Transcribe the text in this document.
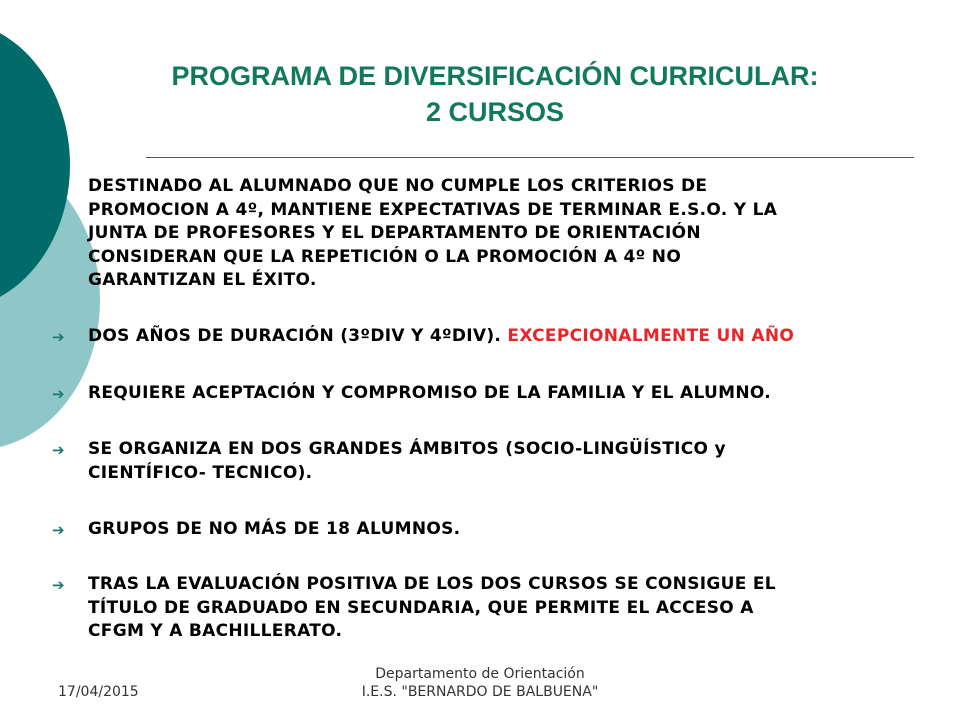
PROGRAMA DE DIVERSIFICACIÓN CURRICULAR:
2 CURSOS
DESTINADO AL ALUMNADO QUE NO CUMPLE LOS CRITERIOS DE
PROMOCION A 4º, MANTIENE EXPECTATIVAS DE TERMINAR E.S.O. Y LA
JUNTA DE PROFESORES Y EL DEPARTAMENTO DE ORIENTACIÓN
CONSIDERAN QUE LA REPETICIÓN O LA PROMOCIÓN A 4º NO
GARANTIZAN EL ÉXITO.
➔ DOS AÑOS DE DURACIÓN (3ºDIV Y 4ºDIV). EXCEPCIONALMENTE UN AÑO
➔ REQUIERE ACEPTACIÓN Y COMPROMISO DE LA FAMILIA Y EL ALUMNO.
➔ SE ORGANIZA EN DOS GRANDES ÁMBITOS (SOCIO-LINGÜÍSTICO y
CIENTÍFICO- TECNICO).
➔ GRUPOS DE NO MÁS DE 18 ALUMNOS.
➔ TRAS LA EVALUACIÓN POSITIVA DE LOS DOS CURSOS SE CONSIGUE EL
TÍTULO DE GRADUADO EN SECUNDARIA, QUE PERMITE EL ACCESO A
CFGM Y A BACHILLERATO.
17/04/2015
Departamento de Orientación
I.E.S. "BERNARDO DE BALBUENA"
